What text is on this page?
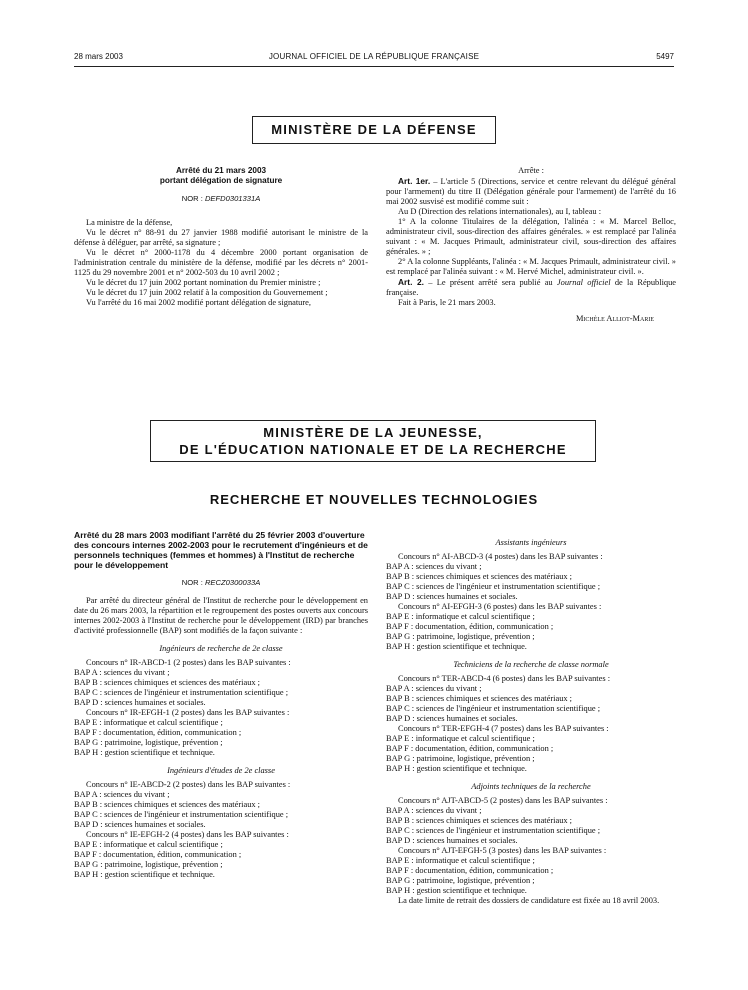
28 mars 2003	JOURNAL OFFICIEL DE LA RÉPUBLIQUE FRANÇAISE	5497
MINISTÈRE DE LA DÉFENSE
Arrêté du 21 mars 2003
portant délégation de signature
NOR : DEFD0301331A

La ministre de la défense,

Vu le décret n° 88-91 du 27 janvier 1988 modifié autorisant le ministre de la défense à déléguer, par arrêté, sa signature ;

Vu le décret n° 2000-1178 du 4 décembre 2000 portant organisation de l'administration centrale du ministère de la défense, modifié par les décrets n° 2001-1125 du 29 novembre 2001 et n° 2002-503 du 10 avril 2002 ;

Vu le décret du 17 juin 2002 portant nomination du Premier ministre ;

Vu le décret du 17 juin 2002 relatif à la composition du Gouvernement ;

Vu l'arrêté du 16 mai 2002 modifié portant délégation de signature,

Arrête :

Art. 1er. – L'article 5 (Directions, service et centre relevant du délégué général pour l'armement) du titre II (Délégation générale pour l'armement) de l'arrêté du 16 mai 2002 susvisé est modifié comme suit :

Au D (Direction des relations internationales), au I, tableau :

1° A la colonne Titulaires de la délégation, l'alinéa : « M. Marcel Belloc, administrateur civil, sous-direction des affaires générales. » est remplacé par l'alinéa suivant : « M. Jacques Primault, administrateur civil, sous-direction des affaires générales. » ;

2° A la colonne Suppléants, l'alinéa : « M. Jacques Primault, administrateur civil. » est remplacé par l'alinéa suivant : « M. Hervé Michel, administrateur civil. ».

Art. 2. – Le présent arrêté sera publié au Journal officiel de la République française.

Fait à Paris, le 21 mars 2003.

Michèle Alliot-Marie

MINISTÈRE DE LA JEUNESSE,
DE L'ÉDUCATION NATIONALE ET DE LA RECHERCHE
RECHERCHE ET NOUVELLES TECHNOLOGIES
Arrêté du 28 mars 2003 modifiant l'arrêté du 25 février 2003 d'ouverture des concours internes 2002-2003 pour le recrutement d'ingénieurs et de personnels techniques (femmes et hommes) à l'Institut de recherche pour le développement
NOR : RECZ0300033A

Par arrêté du directeur général de l'Institut de recherche pour le développement en date du 26 mars 2003, la répartition et le regroupement des postes ouverts aux concours internes 2002-2003 à l'Institut de recherche pour le développement (IRD) par branches d'activité professionnelle (BAP) sont modifiés de la façon suivante :

Ingénieurs de recherche de 2e classe

Concours n° IR-ABCD-1 (2 postes) dans les BAP suivantes :

BAP A : sciences du vivant ;

BAP B : sciences chimiques et sciences des matériaux ;

BAP C : sciences de l'ingénieur et instrumentation scientifique ;

BAP D : sciences humaines et sociales.

Concours n° IR-EFGH-1 (2 postes) dans les BAP suivantes :

BAP E : informatique et calcul scientifique ;

BAP F : documentation, édition, communication ;

BAP G : patrimoine, logistique, prévention ;

BAP H : gestion scientifique et technique.

Ingénieurs d'études de 2e classe

Concours n° IE-ABCD-2 (2 postes) dans les BAP suivantes :

BAP A : sciences du vivant ;

BAP B : sciences chimiques et sciences des matériaux ;

BAP C : sciences de l'ingénieur et instrumentation scientifique ;

BAP D : sciences humaines et sociales.

Concours n° IE-EFGH-2 (4 postes) dans les BAP suivantes :

BAP E : informatique et calcul scientifique ;

BAP F : documentation, édition, communication ;

BAP G : patrimoine, logistique, prévention ;

BAP H : gestion scientifique et technique.

Assistants ingénieurs

Concours n° AI-ABCD-3 (4 postes) dans les BAP suivantes :

BAP A : sciences du vivant ;

BAP B : sciences chimiques et sciences des matériaux ;

BAP C : sciences de l'ingénieur et instrumentation scientifique ;

BAP D : sciences humaines et sociales.

Concours n° AI-EFGH-3 (6 postes) dans les BAP suivantes :

BAP E : informatique et calcul scientifique ;

BAP F : documentation, édition, communication ;

BAP G : patrimoine, logistique, prévention ;

BAP H : gestion scientifique et technique.

Techniciens de la recherche de classe normale

Concours n° TER-ABCD-4 (6 postes) dans les BAP suivantes :

BAP A : sciences du vivant ;

BAP B : sciences chimiques et sciences des matériaux ;

BAP C : sciences de l'ingénieur et instrumentation scientifique ;

BAP D : sciences humaines et sociales.

Concours n° TER-EFGH-4 (7 postes) dans les BAP suivantes :

BAP E : informatique et calcul scientifique ;

BAP F : documentation, édition, communication ;

BAP G : patrimoine, logistique, prévention ;

BAP H : gestion scientifique et technique.

Adjoints techniques de la recherche

Concours n° AJT-ABCD-5 (2 postes) dans les BAP suivantes :

BAP A : sciences du vivant ;

BAP B : sciences chimiques et sciences des matériaux ;

BAP C : sciences de l'ingénieur et instrumentation scientifique ;

BAP D : sciences humaines et sociales.

Concours n° AJT-EFGH-5 (3 postes) dans les BAP suivantes :

BAP E : informatique et calcul scientifique ;

BAP F : documentation, édition, communication ;

BAP G : patrimoine, logistique, prévention ;

BAP H : gestion scientifique et technique.

La date limite de retrait des dossiers de candidature est fixée au 18 avril 2003.
